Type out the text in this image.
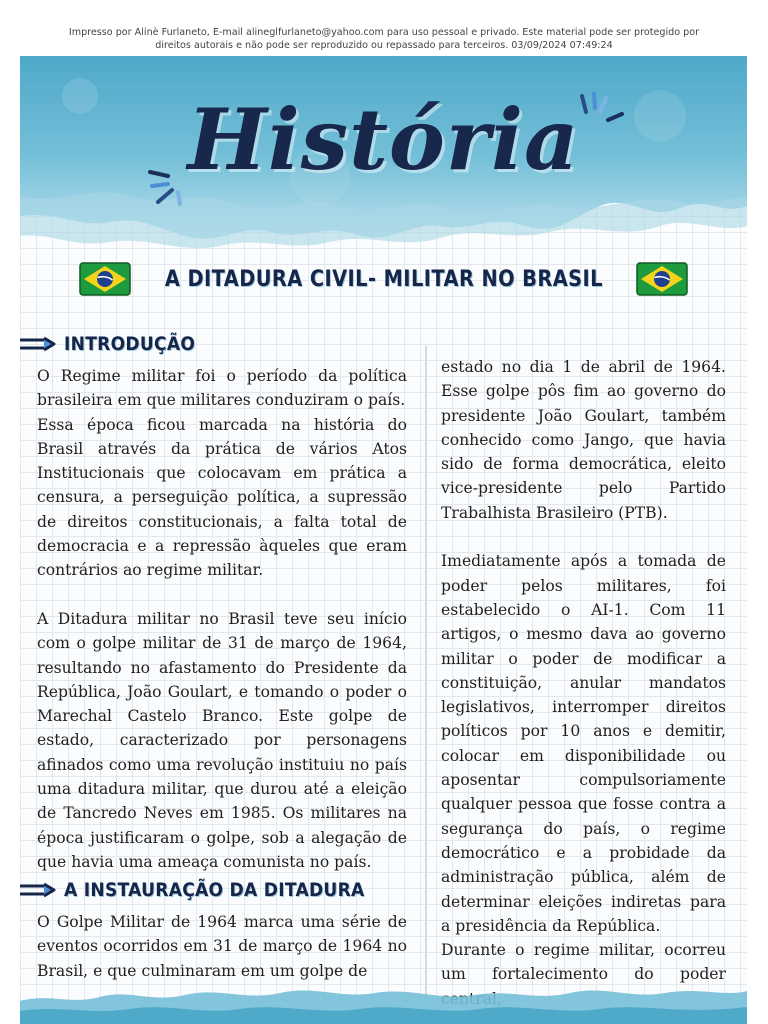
Impresso por Alinè Furlaneto, E-mail alineglfurlaneto@yahoo.com para uso pessoal e privado. Este material pode ser protegido por
direitos autorais e não pode ser reproduzido ou repassado para terceiros. 03/09/2024 07:49:24
História
A DITADURA CIVIL- MILITAR NO BRASIL
INTRODUÇÃO

O Regime militar foi o período da política brasileira em que militares conduziram o país.

Essa época ficou marcada na história do Brasil através da prática de vários Atos Institucionais que colocavam em prática a censura, a perseguição política, a supressão de direitos constitucionais, a falta total de democracia e a repressão àqueles que eram contrários ao regime militar.

A Ditadura militar no Brasil teve seu início com o golpe militar de 31 de março de 1964, resultando no afastamento do Presidente da República, João Goulart, e tomando o poder o Marechal Castelo Branco. Este golpe de estado, caracterizado por personagens afinados como uma revolução instituiu no país uma ditadura militar, que durou até a eleição de Tancredo Neves em 1985. Os militares na época justificaram o golpe, sob a alegação de que havia uma ameaça comunista no país.

A INSTAURAÇÃO DA DITADURA

O Golpe Militar de 1964 marca uma série de eventos ocorridos em 31 de março de 1964 no Brasil, e que culminaram em um golpe de

estado no dia 1 de abril de 1964. Esse golpe pôs fim ao governo do presidente João Goulart, também conhecido como Jango, que havia sido de forma democrática, eleito vice-presidente pelo Partido Trabalhista Brasileiro (PTB).

Imediatamente após a tomada de poder pelos militares, foi estabelecido o AI-1. Com 11 artigos, o mesmo dava ao governo militar o poder de modificar a constituição, anular mandatos legislativos, interromper direitos políticos por 10 anos e demitir, colocar em disponibilidade ou aposentar compulsoriamente qualquer pessoa que fosse contra a segurança do país, o regime democrático e a probidade da administração pública, além de determinar eleições indiretas para a presidência da República.

Durante o regime militar, ocorreu um fortalecimento do poder
